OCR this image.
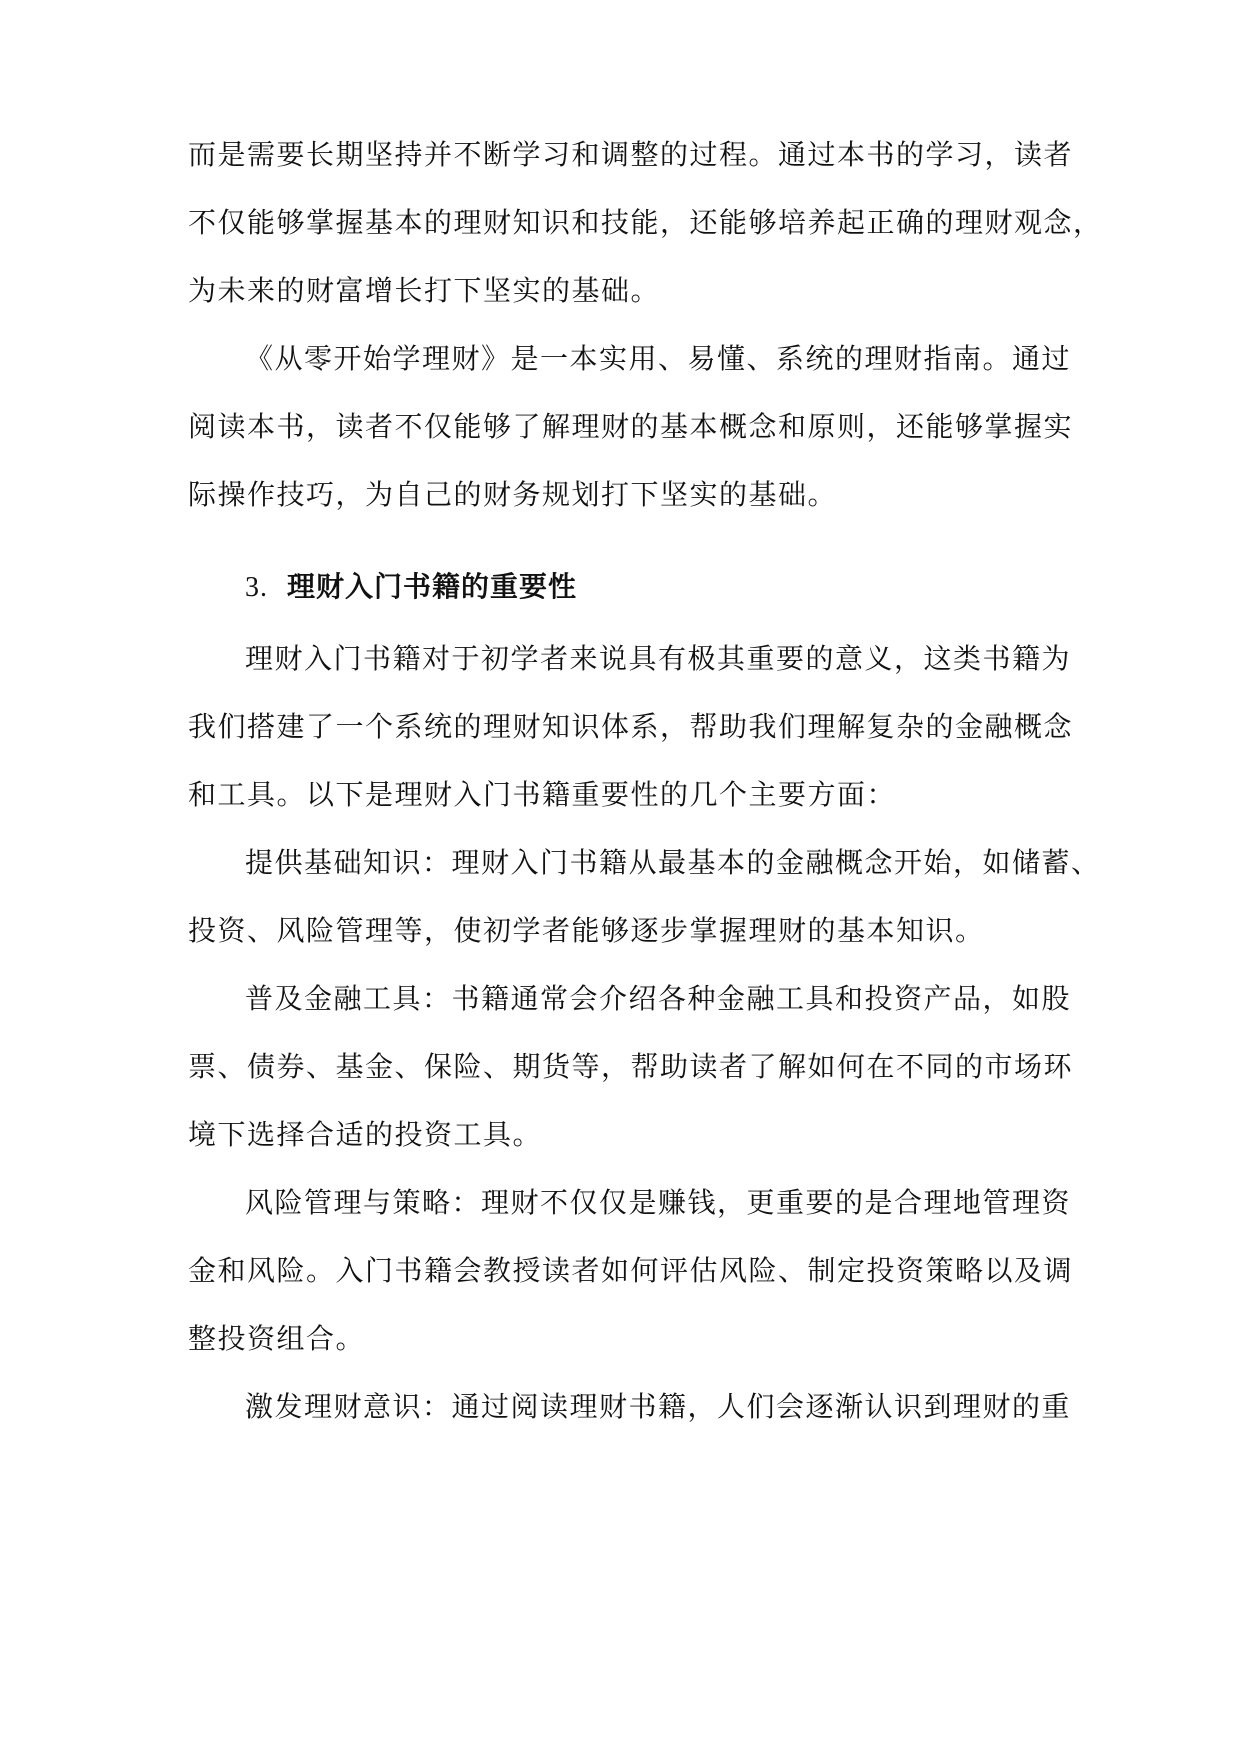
而是需要长期坚持并不断学习和调整的过程。通过本书的学习，读者
不仅能够掌握基本的理财知识和技能，还能够培养起正确的理财观念，
为未来的财富增长打下坚实的基础。
《从零开始学理财》是一本实用、易懂、系统的理财指南。通过
阅读本书，读者不仅能够了解理财的基本概念和原则，还能够掌握实
际操作技巧，为自己的财务规划打下坚实的基础。
3. 理财入门书籍的重要性
理财入门书籍对于初学者来说具有极其重要的意义，这类书籍为
我们搭建了一个系统的理财知识体系，帮助我们理解复杂的金融概念
和工具。以下是理财入门书籍重要性的几个主要方面：
提供基础知识：理财入门书籍从最基本的金融概念开始，如储蓄、
投资、风险管理等，使初学者能够逐步掌握理财的基本知识。
普及金融工具：书籍通常会介绍各种金融工具和投资产品，如股
票、债券、基金、保险、期货等，帮助读者了解如何在不同的市场环
境下选择合适的投资工具。
风险管理与策略：理财不仅仅是赚钱，更重要的是合理地管理资
金和风险。入门书籍会教授读者如何评估风险、制定投资策略以及调
整投资组合。
激发理财意识：通过阅读理财书籍，人们会逐渐认识到理财的重
